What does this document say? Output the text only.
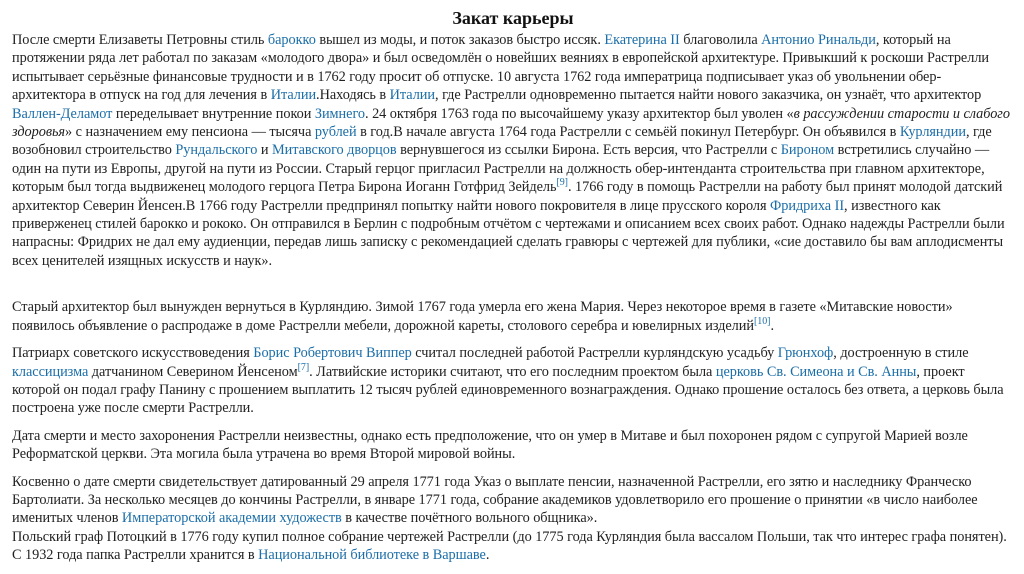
Закат карьеры

После смерти Елизаветы Петровны стиль барокко вышел из моды, и поток заказов быстро иссяк. Екатерина II благоволила Антонио Ринальди, который на протяжении ряда лет работал по заказам «молодого двора» и был осведомлён о новейших веяниях в европейской архитектуре. Привыкший к роскоши Растрелли испытывает серьёзные финансовые трудности и в 1762 году просит об отпуске. 10 августа 1762 года императрица подписывает указ об увольнении обер-архитектора в отпуск на год для лечения в Италии.Находясь в Италии, где Растрелли одновременно пытается найти нового заказчика, он узнаёт, что архитектор Валлен-Деламот переделывает внутренние покои Зимнего. 24 октября 1763 года по высочайшему указу архитектор был уволен «в рассуждении старости и слабого здоровья» с назначением ему пенсиона — тысяча рублей в год.В начале августа 1764 года Растрелли с семьёй покинул Петербург. Он объявился в Курляндии, где возобновил строительство Рундальского и Митавского дворцов вернувшегося из ссылки Бирона. Есть версия, что Растрелли с Бироном встретились случайно — один на пути из Европы, другой на пути из России. Старый герцог пригласил Растрелли на должность обер-интенданта строительства при главном архитекторе, которым был тогда выдвиженец молодого герцога Петра Бирона Иоганн Готфрид Зейдель[9]. 1766 году в помощь Растрелли на работу был принят молодой датский архитектор Северин Йенсен.В 1766 году Растрелли предпринял попытку найти нового покровителя в лице прусского короля Фридриха II, известного как приверженец стилей барокко и рококо. Он отправился в Берлин с подробным отчётом с чертежами и описанием всех своих работ. Однако надежды Растрелли были напрасны: Фридрих не дал ему аудиенции, передав лишь записку с рекомендацией сделать гравюры с чертежей для публики, «сие доставило бы вам аплодисменты всех ценителей изящных искусств и наук».

Старый архитектор был вынужден вернуться в Курляндию. Зимой 1767 года умерла его жена Мария. Через некоторое время в газете «Митавские новости» появилось объявление о распродаже в доме Растрелли мебели, дорожной кареты, столового серебра и ювелирных изделий[10].

Патриарх советского искусствоведения Борис Робертович Виппер считал последней работой Растрелли курляндскую усадьбу Грюнхоф, достроенную в стиле классицизма датчанином Северином Йенсеном[7]. Латвийские историки считают, что его последним проектом была церковь Св. Симеона и Св. Анны, проект которой он подал графу Панину с прошением выплатить 12 тысяч рублей единовременного вознаграждения. Однако прошение осталось без ответа, а церковь была построена уже после смерти Растрелли.

Дата смерти и место захоронения Растрелли неизвестны, однако есть предположение, что он умер в Митаве и был похоронен рядом с супругой Марией возле Реформатской церкви. Эта могила была утрачена во время Второй мировой войны.

Косвенно о дате смерти свидетельствует датированный 29 апреля 1771 года Указ о выплате пенсии, назначенной Растрелли, его зятю и наследнику Франческо Бартолиати. За несколько месяцев до кончины Растрелли, в январе 1771 года, собрание академиков удовлетворило его прошение о принятии «в число наиболее именитых членов Императорской академии художеств в качестве почётного вольного общника».

Польский граф Потоцкий в 1776 году купил полное собрание чертежей Растрелли (до 1775 года Курляндия была вассалом Польши, так что интерес графа понятен). С 1932 года папка Растрелли хранится в Национальной библиотеке в Варшаве.
